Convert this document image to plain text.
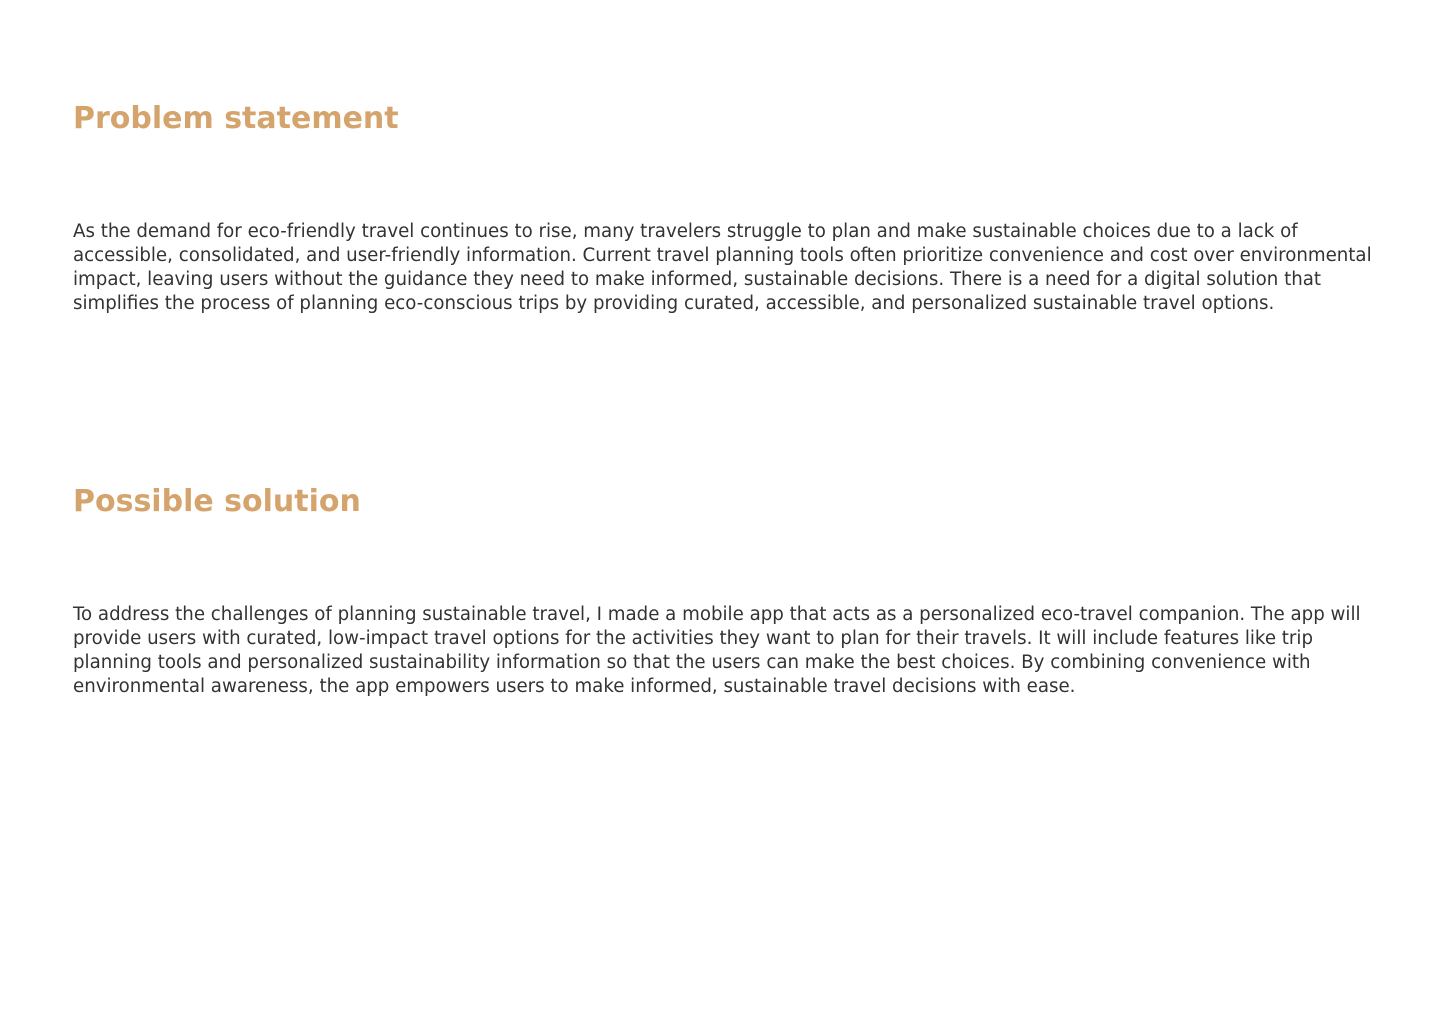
Problem statement

As the demand for eco-friendly travel continues to rise, many travelers struggle to plan and make sustainable choices due to a lack of accessible, consolidated, and user-friendly information. Current travel planning tools often prioritize convenience and cost over environmental impact, leaving users without the guidance they need to make informed, sustainable decisions. There is a need for a digital solution that simplifies the process of planning eco-conscious trips by providing curated, accessible, and personalized sustainable travel options.

Possible solution

To address the challenges of planning sustainable travel, I made a mobile app that acts as a personalized eco-travel companion. The app will provide users with curated, low-impact travel options for the activities they want to plan for their travels. It will include features like trip planning tools and personalized sustainability information so that the users can make the best choices. By combining convenience with environmental awareness, the app empowers users to make informed, sustainable travel decisions with ease.
